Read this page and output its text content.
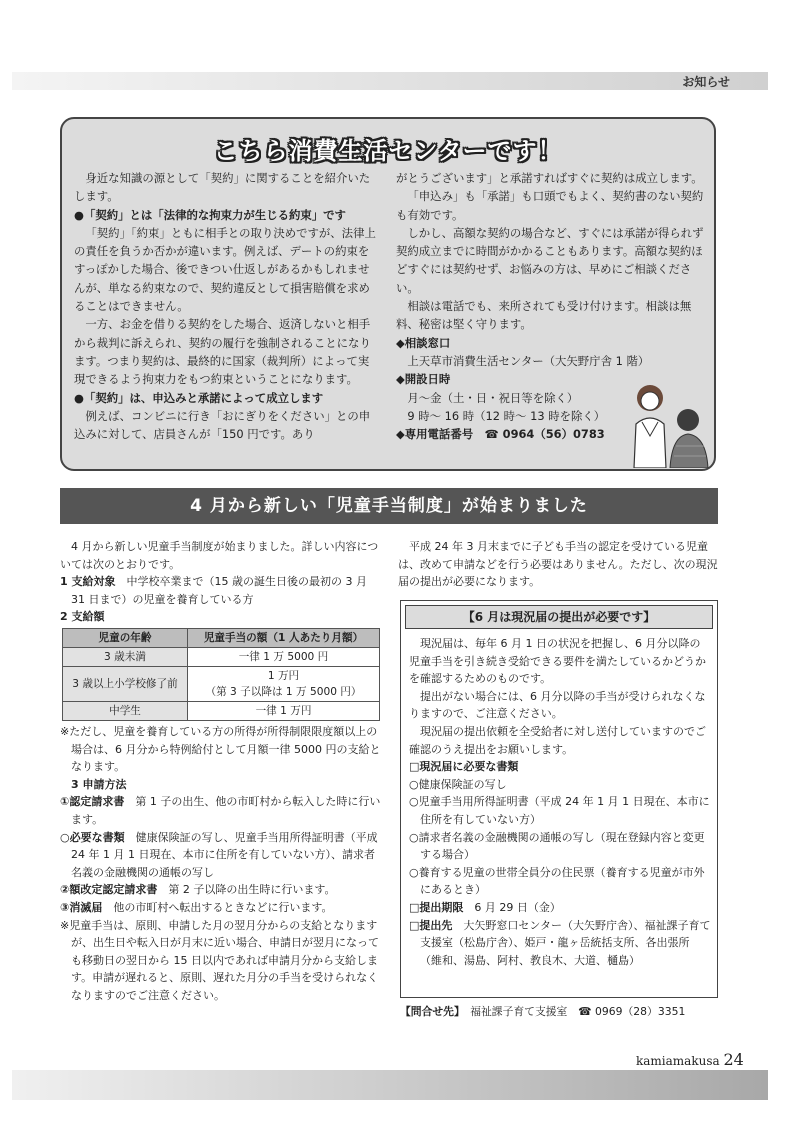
お知らせ
こちら消費生活センターです！

身近な知識の源として「契約」に関することを紹介いたします。

●「契約」とは「法律的な拘束力が生じる約束」です

「契約」「約束」ともに相手との取り決めですが、法律上の責任を負うか否かが違います。例えば、デートの約束をすっぽかした場合、後できつい仕返しがあるかもしれませんが、単なる約束なので、契約違反として損害賠償を求めることはできません。

一方、お金を借りる契約をした場合、返済しないと相手から裁判に訴えられ、契約の履行を強制されることになります。つまり契約は、最終的に国家（裁判所）によって実現できるよう拘束力をもつ約束ということになります。

●「契約」は、申込みと承諾によって成立します

例えば、コンビニに行き「おにぎりをください」との申込みに対して、店員さんが「150 円です。あり

がとうございます」と承諾すればすぐに契約は成立します。

「申込み」も「承諾」も口頭でもよく、契約書のない契約も有効です。

しかし、高額な契約の場合など、すぐには承諾が得られず契約成立までに時間がかかることもあります。高額な契約ほどすぐには契約せず、お悩みの方は、早めにご相談ください。

相談は電話でも、来所されても受け付けます。相談は無料、秘密は堅く守ります。

◆相談窓口

上天草市消費生活センター（大矢野庁舎 1 階）

◆開設日時

月～金（土・日・祝日等を除く）

9 時～ 16 時（12 時～ 13 時を除く）

◆専用電話番号　☎ 0964（56）0783

4 月から新しい「児童手当制度」が始まりました

4 月から新しい児童手当制度が始まりました。詳しい内容については次のとおりです。

1 支給対象　 中学校卒業まで（15 歳の誕生日後の最初の 3 月 31 日まで）の児童を養育している方

2 支給額

児童の年齢	児童手当の額（1 人あたり月額）
3 歳未満	一律 1 万 5000 円
3 歳以上小学校修了前	1 万円
（第 3 子以降は 1 万 5000 円）

中学生	一律 1 万円

※ただし、児童を養育している方の所得が所得制限限度額以上の場合は、6 月分から特例給付として月額一律 5000 円の支給となります。

3 申請方法

①認定請求書　 第 1 子の出生、他の市町村から転入した時に行います。

○必要な書類　 健康保険証の写し、児童手当用所得証明書（平成 24 年 1 月 1 日現在、本市に住所を有していない方）、請求者名義の金融機関の通帳の写し

②額改定認定請求書　 第 2 子以降の出生時に行います。

③消滅届　 他の市町村へ転出するときなどに行います。

※児童手当は、原則、申請した月の翌月分からの支給となりますが、出生日や転入日が月末に近い場合、申請日が翌月になっても移動日の翌日から 15 日以内であれば申請月分から支給します。申請が遅れると、原則、遅れた月分の手当を受けられなくなりますのでご注意ください。

平成 24 年 3 月末までに子ども手当の認定を受けている児童は、改めて申請などを行う必要はありません。ただし、次の現況届の提出が必要になります。

【6 月は現況届の提出が必要です】

現況届は、毎年 6 月 1 日の状況を把握し、6 月分以降の児童手当を引き続き受給できる要件を満たしているかどうかを確認するためのものです。

提出がない場合には、6 月分以降の手当が受けられなくなりますので、ご注意ください。

現況届の提出依頼を全受給者に対し送付していますのでご確認のうえ提出をお願いします。

□現況届に必要な書類

○健康保険証の写し

○児童手当用所得証明書（平成 24 年 1 月 1 日現在、本市に住所を有していない方）

○請求者名義の金融機関の通帳の写し（現在登録内容と変更する場合）

○養育する児童の世帯全員分の住民票（養育する児童が市外にあるとき）

□提出期限　 6 月 29 日（金）

□提出先　 大矢野窓口センター（大矢野庁舎）、福祉課子育て支援室（松島庁舎）、姫戸・龍ヶ岳統括支所、各出張所（維和、湯島、阿村、教良木、大道、樋島）

【問合せ先】　 福祉課子育て支援室　☎ 0969（28）3351
kamiamakusa 24
